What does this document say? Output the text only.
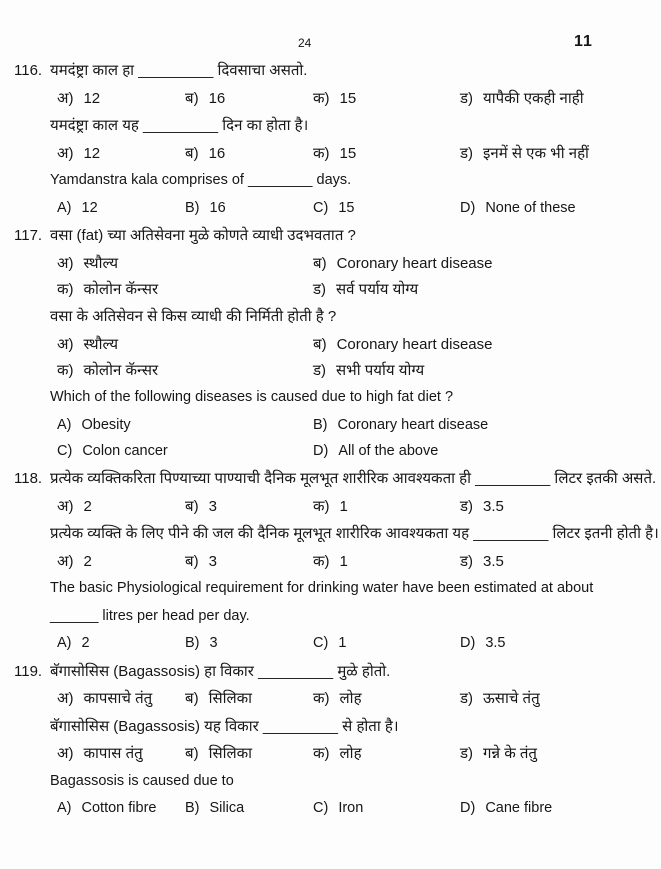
24	11
116. यमदंष्ट्रा काल हा _________ दिवसाचा असतो.
अ) 12	ब) 16	क) 15	ड) यापैकी एकही नाही
यमदंष्ट्रा काल यह _________ दिन का होता है।
अ) 12	ब) 16	क) 15	ड) इनमें से एक भी नहीं
Yamdanstra kala comprises of ________ days.
A) 12	B) 16	C) 15	D) None of these
117. वसा (fat) च्या अतिसेवना मुळे कोणते व्याधी उदभवतात ?
अ) स्थौल्य	ब) Coronary heart disease
क) कोलोन कॅन्सर	ड) सर्व पर्याय योग्य
वसा के अतिसेवन से किस व्याधी की निर्मिती होती है ?
अ) स्थौल्य	ब) Coronary heart disease
क) कोलोन कॅन्सर	ड) सभी पर्याय योग्य
Which of the following diseases is caused due to high fat diet ?
A) Obesity	B) Coronary heart disease
C) Colon cancer	D) All of the above
118. प्रत्येक व्यक्तिकरिता पिण्याच्या पाण्याची दैनिक मूलभूत शारीरिक आवश्यकता ही _________ लिटर इतकी असते.
अ) 2	ब) 3	क) 1	ड) 3.5
प्रत्येक व्यक्ति के लिए पीने की जल की दैनिक मूलभूत शारीरिक आवश्यकता यह _________ लिटर इतनी होती है।
अ) 2	ब) 3	क) 1	ड) 3.5
The basic Physiological requirement for drinking water have been estimated at about
______ litres per head per day.
A) 2	B) 3	C) 1	D) 3.5
119. बॅगासोसिस (Bagassosis) हा विकार _________ मुळे होतो.
अ) कापसाचे तंतु	ब) सिलिका	क) लोह	ड) ऊसाचे तंतु
बॅगासोसिस (Bagassosis) यह विकार _________ से होता है।
अ) कापास तंतु	ब) सिलिका	क) लोह	ड) गन्ने के तंतु
Bagassosis is caused due to
A) Cotton fibre	B) Silica	C) Iron	D) Cane fibre
